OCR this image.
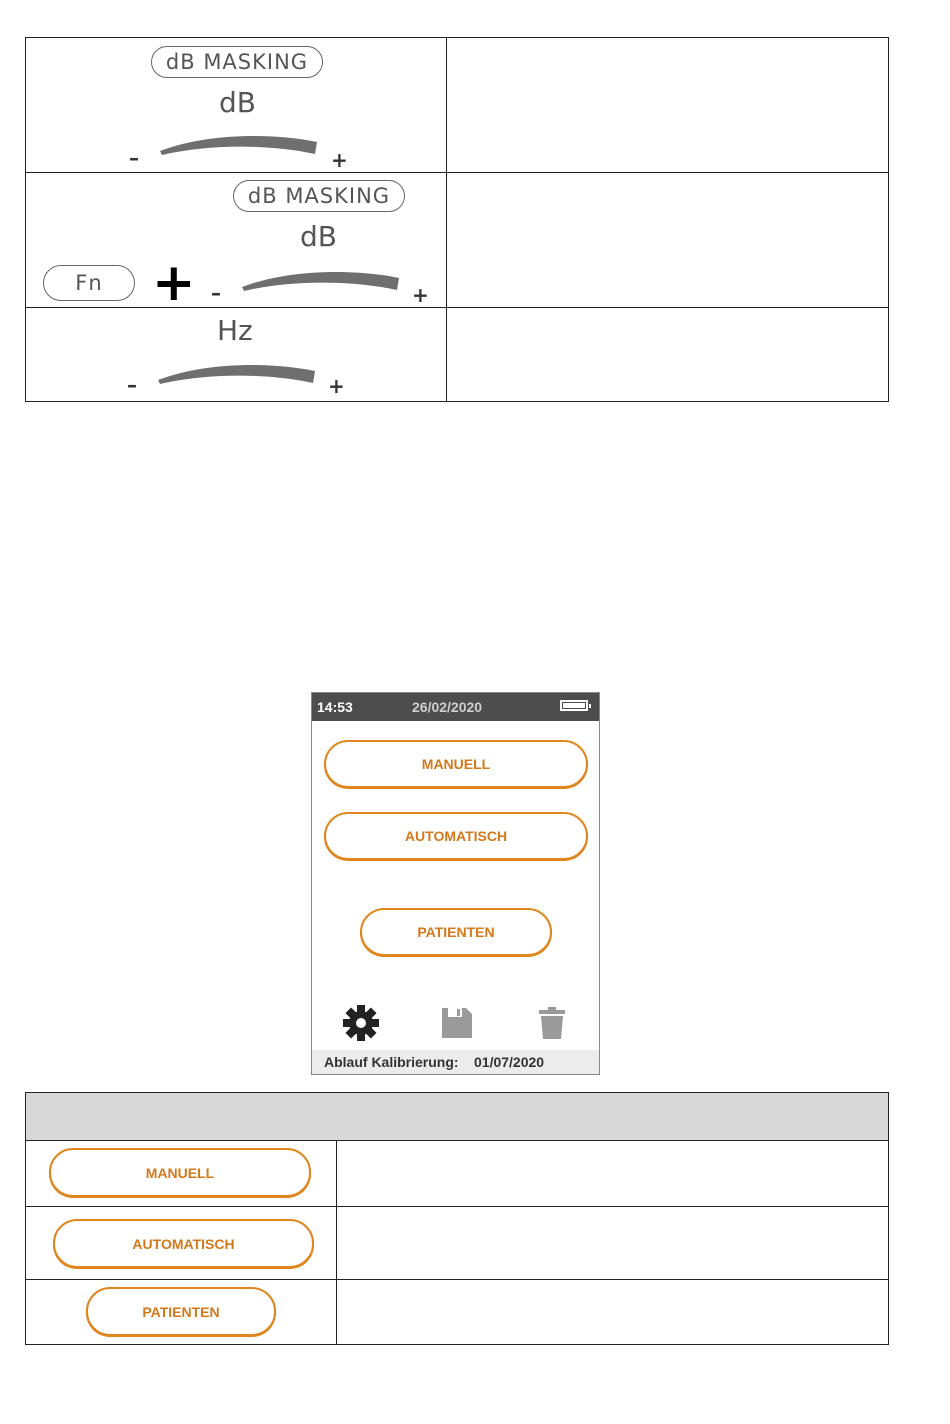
dB MASKING
dB
–	+
Fn +
dB MASKING
dB
–	+
Hz
–	+
14:53	26/02/2020
MANUELL
AUTOMATISCH
PATIENTEN
Ablauf Kalibrierung: 01/07/2020
MANUELL
AUTOMATISCH
PATIENTEN
